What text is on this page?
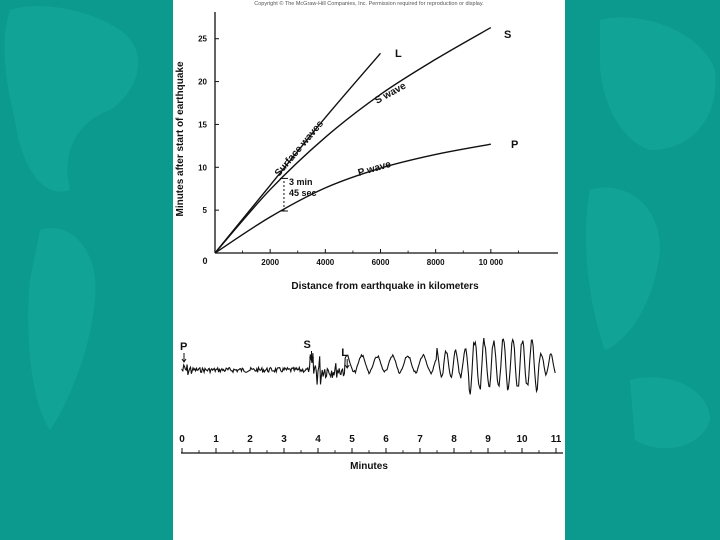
Copyright © The McGraw-Hill Companies, Inc. Permission required for reproduction or display.
5
10
15
20
25
2000	4000	6000	8000	10 000
0
Distance from earthquake in kilometers
Minutes after start of earthquake
L
S
P
Surface waves
S wave
P wave
3 min
45 sec
P	S
L
0	1	2	3	4	5	6	7	8	9	10 11
Minutes
